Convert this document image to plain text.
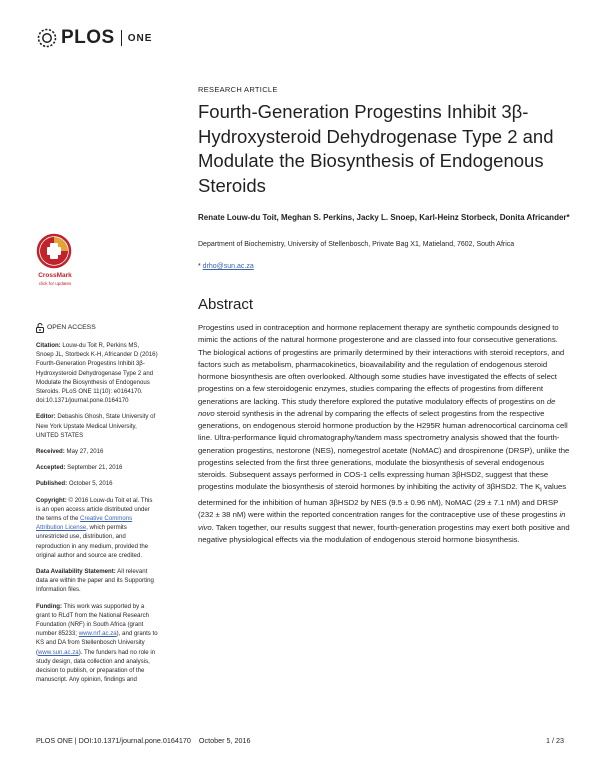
PLOS ONE
RESEARCH ARTICLE
Fourth-Generation Progestins Inhibit 3β-Hydroxysteroid Dehydrogenase Type 2 and Modulate the Biosynthesis of Endogenous Steroids
Renate Louw-du Toit, Meghan S. Perkins, Jacky L. Snoep, Karl-Heinz Storbeck, Donita Africander*
Department of Biochemistry, University of Stellenbosch, Private Bag X1, Matieland, 7602, South Africa
* drho@sun.ac.za
CrossMark
click for updates
OPEN ACCESS

Citation: Louw-du Toit R, Perkins MS, Snoep JL, Storbeck K-H, Africander D (2016) Fourth-Generation Progestins Inhibit 3β-Hydroxysteroid Dehydrogenase Type 2 and Modulate the Biosynthesis of Endogenous Steroids. PLoS ONE 11(10): e0164170. doi:10.1371/journal.pone.0164170

Editor: Debashis Ghosh, State University of New York Upstate Medical University, UNITED STATES

Received: May 27, 2016

Accepted: September 21, 2016

Published: October 5, 2016

Copyright: © 2016 Louw-du Toit et al. This is an open access article distributed under the terms of the Creative Commons Attribution License, which permits unrestricted use, distribution, and reproduction in any medium, provided the original author and source are credited.

Data Availability Statement: All relevant data are within the paper and its Supporting Information files.

Funding: This work was supported by a grant to RLdT from the National Research Foundation (NRF) in South Africa (grant number 85233; www.nrf.ac.za), and grants to KS and DA from Stellenbosch University (www.sun.ac.za). The funders had no role in study design, data collection and analysis, decision to publish, or preparation of the manuscript. Any opinion, findings and

Abstract

Progestins used in contraception and hormone replacement therapy are synthetic compounds designed to mimic the actions of the natural hormone progesterone and are classed into four consecutive generations. The biological actions of progestins are primarily determined by their interactions with steroid receptors, and factors such as metabolism, pharmacokinetics, bioavailability and the regulation of endogenous steroid hormone biosynthesis are often overlooked. Although some studies have investigated the effects of select progestins on a few steroidogenic enzymes, studies comparing the effects of progestins from different generations are lacking. This study therefore explored the putative modulatory effects of progestins on de novo steroid synthesis in the adrenal by comparing the effects of select progestins from the respective generations, on endogenous steroid hormone production by the H295R human adrenocortical carcinoma cell line. Ultra-performance liquid chromatography/tandem mass spectrometry analysis showed that the fourth-generation progestins, nestorone (NES), nomegestrol acetate (NoMAC) and drospirenone (DRSP), unlike the progestins selected from the first three generations, modulate the biosynthesis of several endogenous steroids. Subsequent assays performed in COS-1 cells expressing human 3βHSD2, suggest that these progestins modulate the biosynthesis of steroid hormones by inhibiting the activity of 3βHSD2. The $K_i$ values determined for the inhibition of human 3βHSD2 by NES (9.5 ± 0.96 nM), NoMAC (29 ± 7.1 nM) and DRSP (232 ± 38 nM) were within the reported concentration ranges for the contraceptive use of these progestins in vivo. Taken together, our results suggest that newer, fourth-generation progestins may exert both positive and negative physiological effects via the modulation of endogenous steroid hormone biosynthesis.

PLOS ONE | DOI:10.1371/journal.pone.0164170    October 5, 2016	1 / 23
